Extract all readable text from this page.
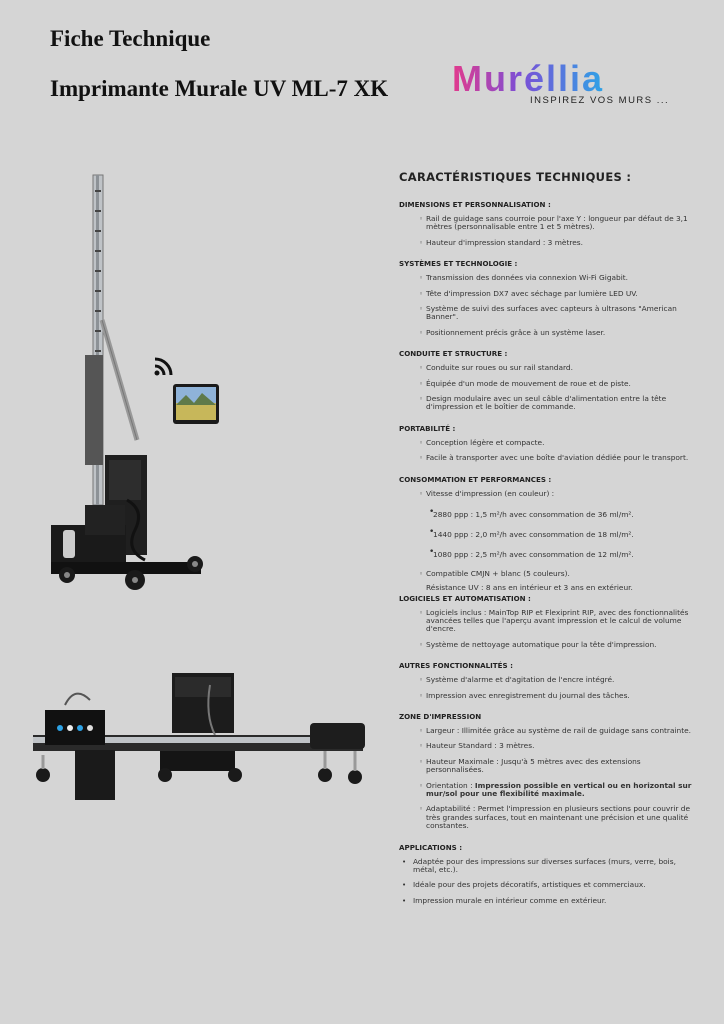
Fiche Technique
Imprimante Murale UV ML-7 XK Muréllia
INSPIREZ VOS MURS ...
CARACTÉRISTIQUES TECHNIQUES :
DIMENSIONS ET PERSONNALISATION :
◦ Rail de guidage sans courroie pour l'axe Y : longueur par défaut de 3,1 mètres (personnalisable entre 1 et 5 mètres).
◦ Hauteur d'impression standard : 3 mètres.
SYSTÈMES ET TECHNOLOGIE :
◦ Transmission des données via connexion Wi-Fi Gigabit.
◦ Tête d'impression DX7 avec séchage par lumière LED UV.
◦ Système de suivi des surfaces avec capteurs à ultrasons "American Banner".
◦ Positionnement précis grâce à un système laser.
CONDUITE ET STRUCTURE :
◦ Conduite sur roues ou sur rail standard.
◦ Équipée d'un mode de mouvement de roue et de piste.
◦ Design modulaire avec un seul câble d'alimentation entre la tête d'impression et le boîtier de commande.
PORTABILITÉ :
◦ Conception légère et compacte.
◦ Facile à transporter avec une boîte d'aviation dédiée pour le transport.
CONSOMMATION ET PERFORMANCES :
◦ Vitesse d'impression (en couleur) :
•
2880 ppp : 1,5 m²/h avec consommation de 36 ml/m².
•
1440 ppp : 2,0 m²/h avec consommation de 18 ml/m².
•
1080 ppp : 2,5 m²/h avec consommation de 12 ml/m².
◦ Compatible CMJN + blanc (5 couleurs).
Résistance UV : 8 ans en intérieur et 3 ans en extérieur.
LOGICIELS ET AUTOMATISATION :
◦ Logiciels inclus : MainTop RIP et Flexiprint RIP, avec des fonctionnalités avancées telles que l'aperçu avant impression et le calcul de volume d'encre.
◦ Système de nettoyage automatique pour la tête d'impression.
AUTRES FONCTIONNALITÉS :
◦ Système d'alarme et d'agitation de l'encre intégré.
◦ Impression avec enregistrement du journal des tâches.
ZONE D'IMPRESSION
◦ Largeur : Illimitée grâce au système de rail de guidage sans contrainte.
◦ Hauteur Standard : 3 mètres.
◦ Hauteur Maximale : Jusqu'à 5 mètres avec des extensions personnalisées.
◦ Orientation : Impression possible en vertical ou en horizontal sur mur/sol pour une flexibilité maximale.
◦ Adaptabilité : Permet l'impression en plusieurs sections pour couvrir de très grandes surfaces, tout en maintenant une précision et une qualité constantes.
APPLICATIONS :
• Adaptée pour des impressions sur diverses surfaces (murs, verre, bois, métal, etc.).
• Idéale pour des projets décoratifs, artistiques et commerciaux.
• Impression murale en intérieur comme en extérieur.
